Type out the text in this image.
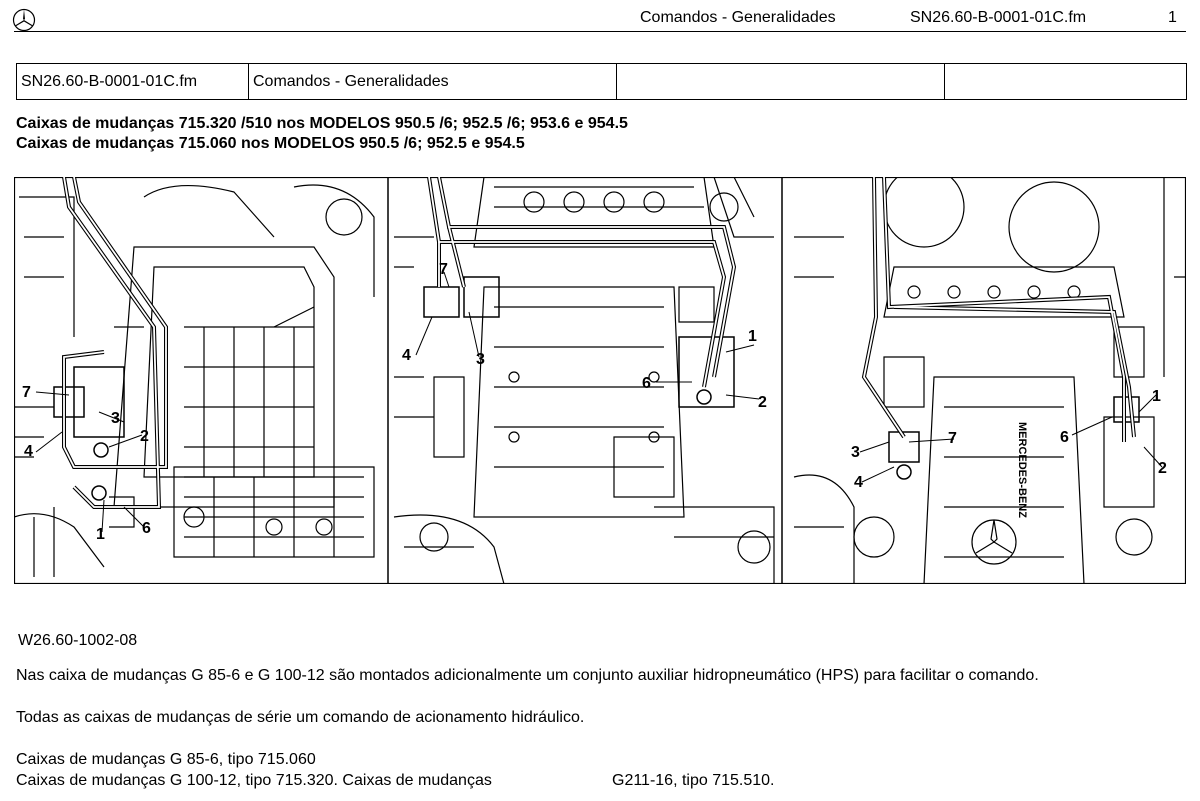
Comandos - Generalidades	SN26.60-B-0001-01C.fm	1
SN26.60-B-0001-01C.fm	Comandos - Generalidades		
Caixas de mudanças 715.320 /510 nos MODELOS 950.5 /6; 952.5 /6; 953.6 e 954.5
Caixas de mudanças 715.060 nos MODELOS 950.5 /6; 952.5 e 954.5
MERCEDES-BENZ
7
3
2
4
1 6
7
4	3
6
1
2
3
7
4
6
1
2
W26.60-1002-08
Nas caixa de mudanças G 85-6 e G 100-12 são montados adicionalmente um conjunto auxiliar hidropneumático (HPS) para facilitar o comando.
Todas as caixas de mudanças de série um comando de acionamento hidráulico.
Caixas de mudanças G 85-6, tipo 715.060
Caixas de mudanças G 100-12, tipo 715.320. Caixas de mudanças	G211-16, tipo 715.510.
